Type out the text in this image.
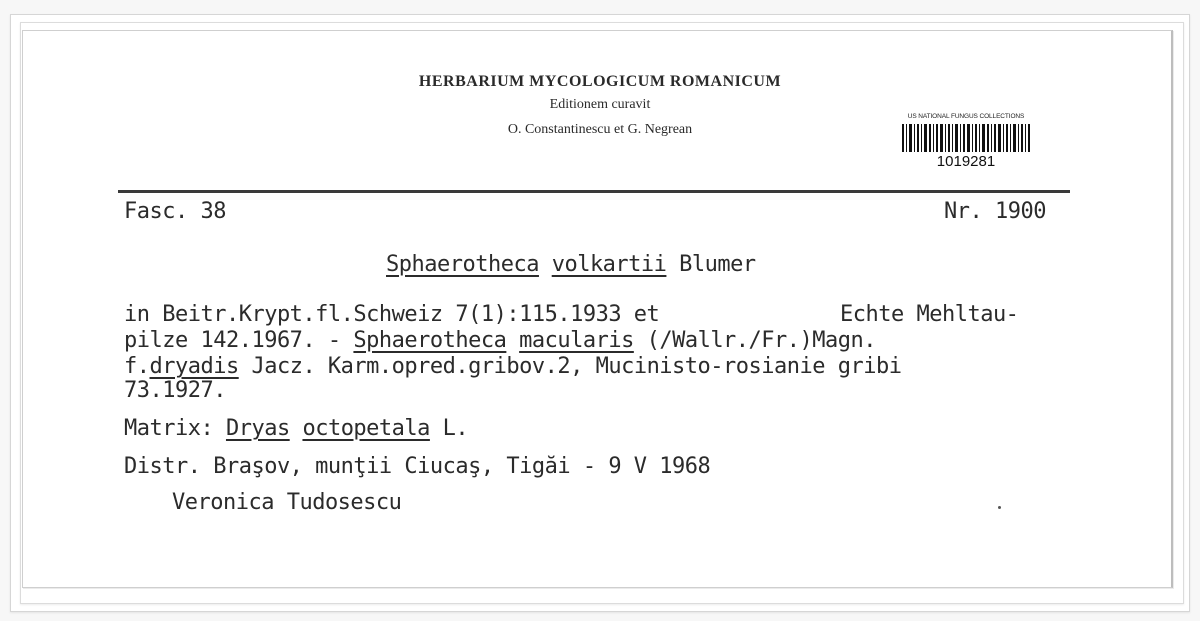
HERBARIUM MYCOLOGICUM ROMANICUM
Editionem curavit
O. Constantinescu et G. Negrean
US NATIONAL FUNGUS COLLECTIONS
1019281
Fasc. 38	Nr. 1900
Sphaerotheca volkartii Blumer
in Beitr.Krypt.fl.Schweiz 7(1):115.1933 et	Echte Mehltau-
pilze 142.1967. - Sphaerotheca macularis (/Wallr./Fr.)Magn.
f.dryadis Jacz. Karm.opred.gribov.2, Mucinisto-rosianie gribi
73.1927.
Matrix: Dryas octopetala L.
Distr. Braşov, munţii Ciucaş, Tigăi - 9 V 1968
Veronica Tudosescu
